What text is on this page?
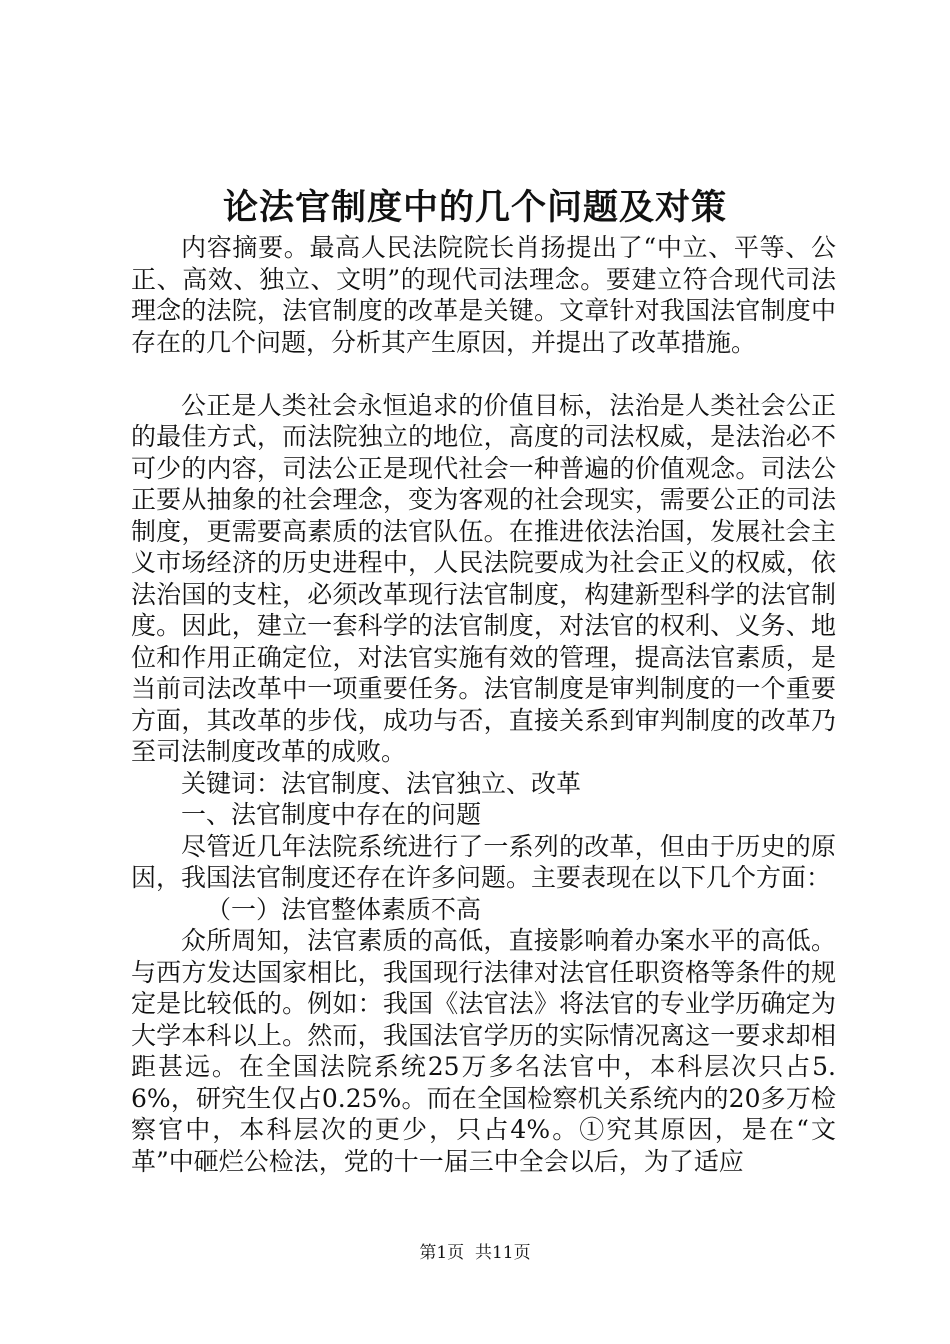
论法官制度中的几个问题及对策

内容摘要。最高人民法院院长肖扬提出了“中立、平等、公正、高效、独立、文明”的现代司法理念。要建立符合现代司法理念的法院，法官制度的改革是关键。文章针对我国法官制度中存在的几个问题，分析其产生原因，并提出了改革措施。

公正是人类社会永恒追求的价值目标，法治是人类社会公正的最佳方式，而法院独立的地位，高度的司法权威，是法治必不可少的内容，司法公正是现代社会一种普遍的价值观念。司法公正要从抽象的社会理念，变为客观的社会现实，需要公正的司法制度，更需要高素质的法官队伍。在推进依法治国，发展社会主义市场经济的历史进程中，人民法院要成为社会正义的权威，依法治国的支柱，必须改革现行法官制度，构建新型科学的法官制度。因此，建立一套科学的法官制度，对法官的权利、义务、地位和作用正确定位，对法官实施有效的管理，提高法官素质，是当前司法改革中一项重要任务。法官制度是审判制度的一个重要方面，其改革的步伐，成功与否，直接关系到审判制度的改革乃至司法制度改革的成败。

关键词：法官制度、法官独立、改革

一、法官制度中存在的问题

尽管近几年法院系统进行了一系列的改革，但由于历史的原因，我国法官制度还存在许多问题。主要表现在以下几个方面：

（一）法官整体素质不高

众所周知，法官素质的高低，直接影响着办案水平的高低。与西方发达国家相比，我国现行法律对法官任职资格等条件的规定是比较低的。例如：我国《法官法》将法官的专业学历确定为大学本科以上。然而，我国法官学历的实际情况离这一要求却相距甚远。在全国法院系统25万多名法官中，本科层次只占5.6%，研究生仅占0.25%。而在全国检察机关系统内的20多万检察官中，本科层次的更少，只占4%。①究其原因，是在“文革”中砸烂公检法，党的十一届三中全会以后，为了适应

第1页  共11页
